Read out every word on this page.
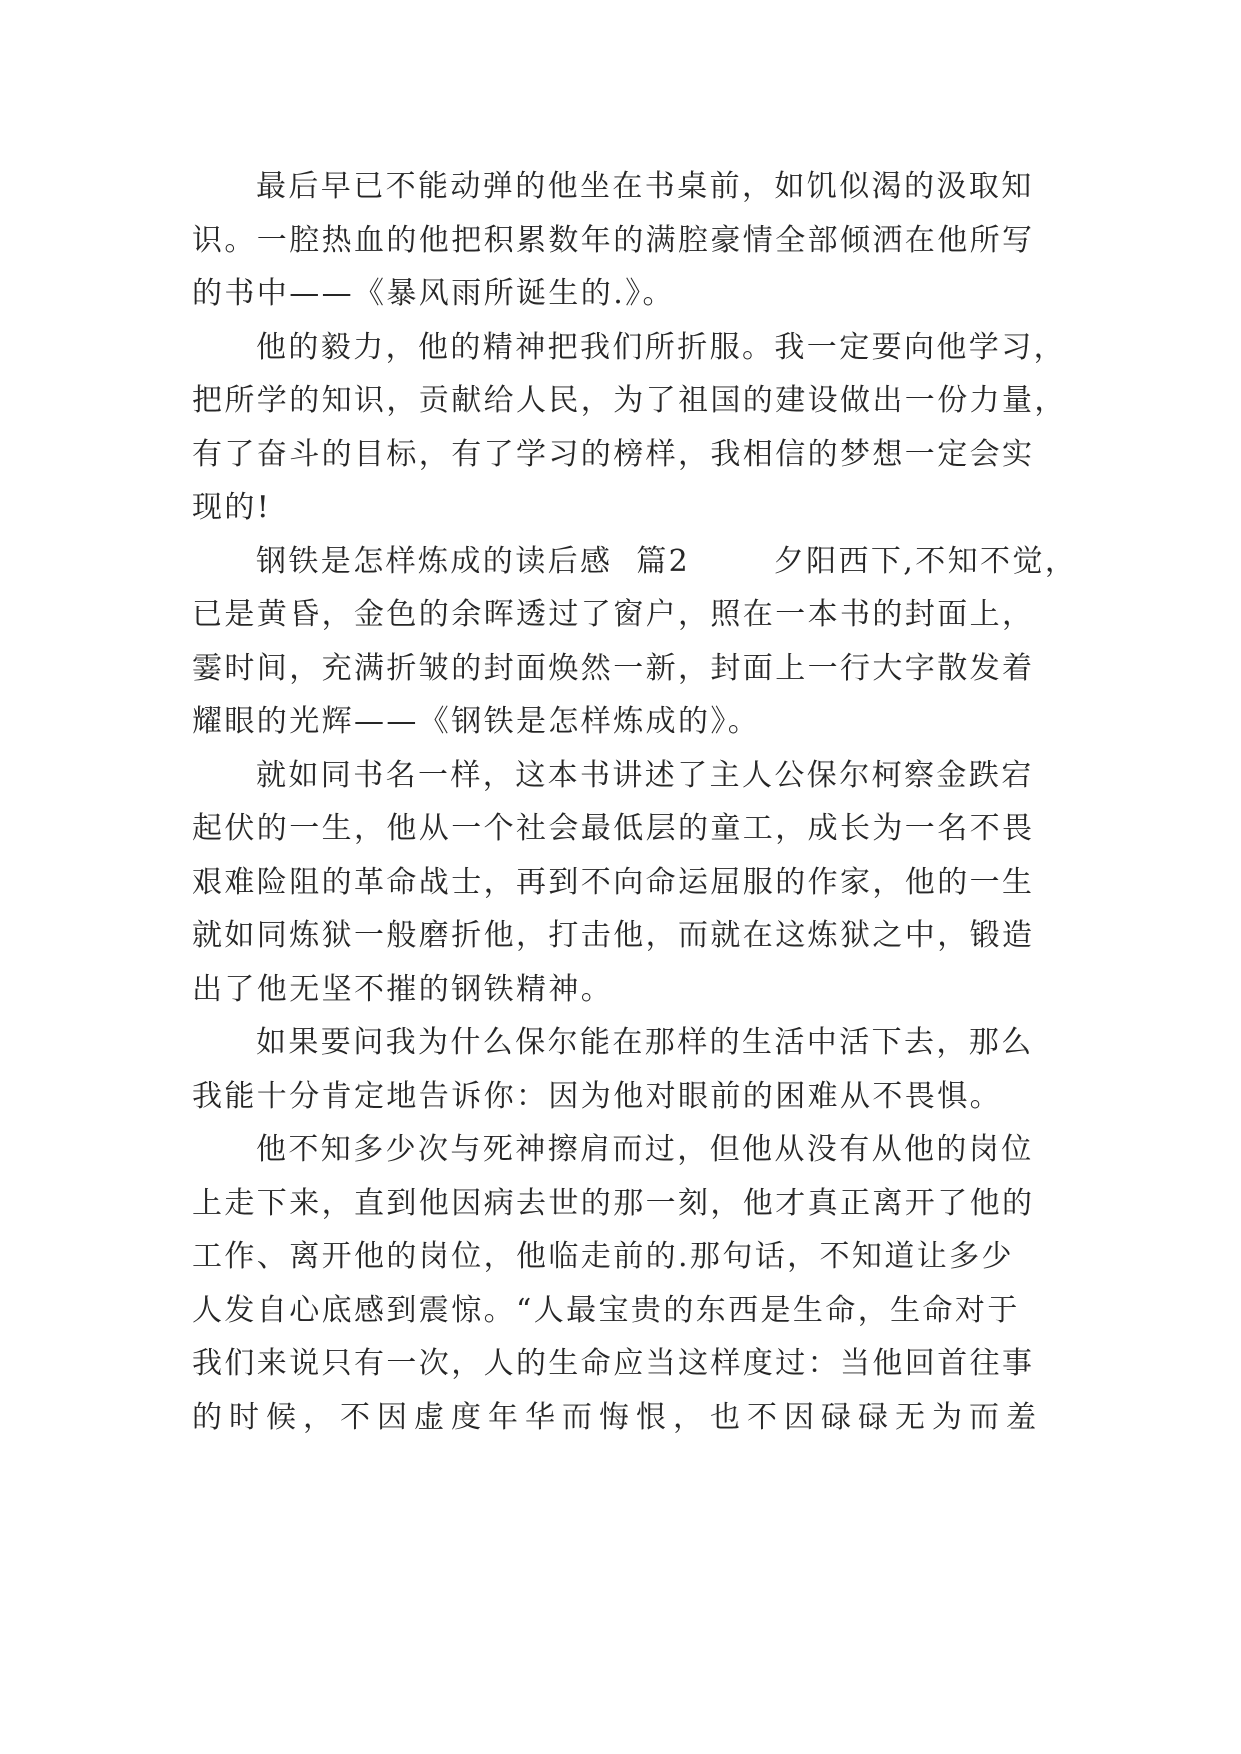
最后早已不能动弹的他坐在书桌前，如饥似渴的汲取知
识。一腔热血的他把积累数年的满腔豪情全部倾洒在他所写
的书中——《暴风雨所诞生的.》。
他的毅力，他的精神把我们所折服。我一定要向他学习，
把所学的知识，贡献给人民，为了祖国的建设做出一份力量，
有了奋斗的目标，有了学习的榜样，我相信的梦想一定会实
现的!
钢铁是怎样炼成的读后感  篇2       夕阳西下,不知不觉，
已是黄昏，金色的余晖透过了窗户，照在一本书的封面上，
霎时间，充满折皱的封面焕然一新，封面上一行大字散发着
耀眼的光辉——《钢铁是怎样炼成的》。
就如同书名一样，这本书讲述了主人公保尔柯察金跌宕
起伏的一生，他从一个社会最低层的童工，成长为一名不畏
艰难险阻的革命战士，再到不向命运屈服的作家，他的一生
就如同炼狱一般磨折他，打击他，而就在这炼狱之中，锻造
出了他无坚不摧的钢铁精神。
如果要问我为什么保尔能在那样的生活中活下去，那么
我能十分肯定地告诉你：因为他对眼前的困难从不畏惧。
他不知多少次与死神擦肩而过，但他从没有从他的岗位
上走下来，直到他因病去世的那一刻，他才真正离开了他的
工作、离开他的岗位，他临走前的.那句话，不知道让多少
人发自心底感到震惊。“人最宝贵的东西是生命，生命对于
我们来说只有一次，人的生命应当这样度过：当他回首往事
的时候，不因虚度年华而悔恨，也不因碌碌无为而羞
